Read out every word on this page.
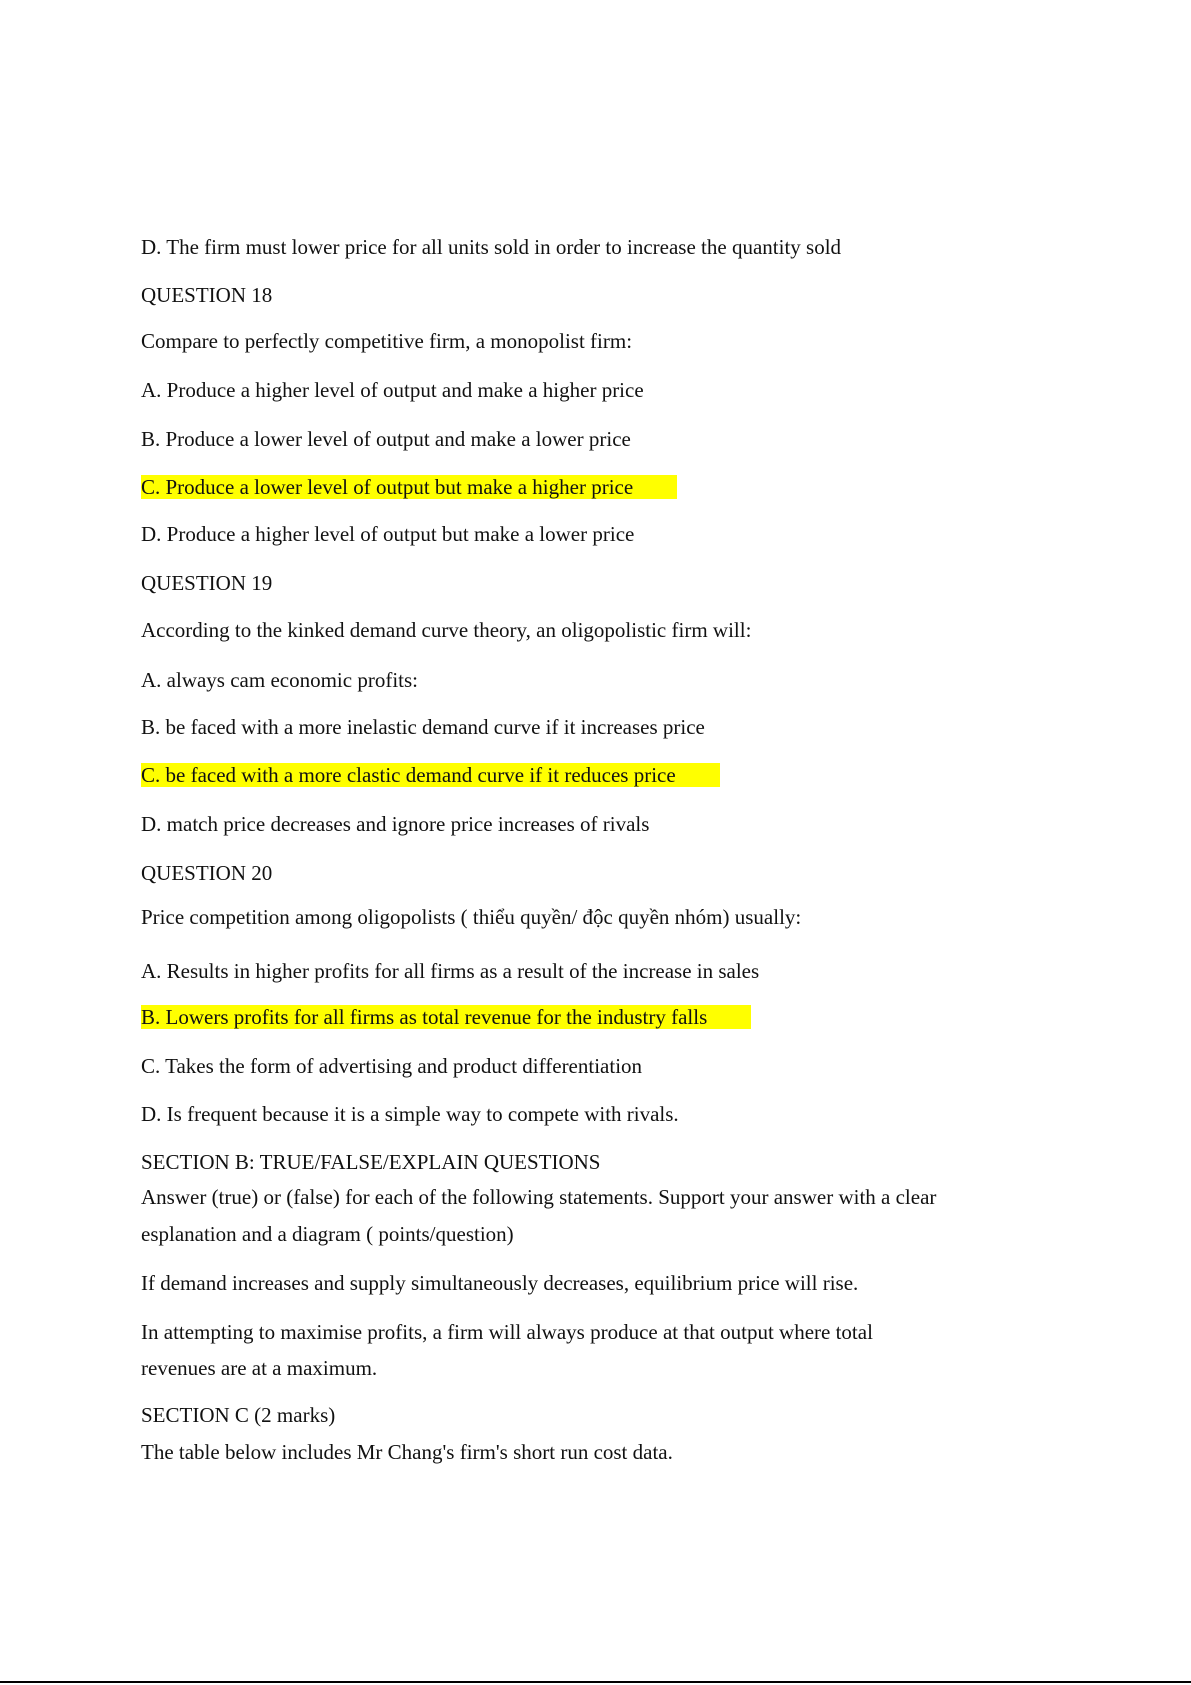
D. The firm must lower price for all units sold in order to increase the quantity sold
QUESTION 18
Compare to perfectly competitive firm, a monopolist firm:
A. Produce a higher level of output and make a higher price
B. Produce a lower level of output and make a lower price
C. Produce a lower level of output but make a higher price
D. Produce a higher level of output but make a lower price
QUESTION 19
According to the kinked demand curve theory, an oligopolistic firm will:
A. always cam economic profits:
B. be faced with a more inelastic demand curve if it increases price
C. be faced with a more clastic demand curve if it reduces price
D. match price decreases and ignore price increases of rivals
QUESTION 20
Price competition among oligopolists ( thiểu quyền/ độc quyền nhóm) usually:
A. Results in higher profits for all firms as a result of the increase in sales
B. Lowers profits for all firms as total revenue for the industry falls
C. Takes the form of advertising and product differentiation
D. Is frequent because it is a simple way to compete with rivals.
SECTION B: TRUE/FALSE/EXPLAIN QUESTIONS
Answer (true) or (false) for each of the following statements. Support your answer with a clear
esplanation and a diagram ( points/question)
If demand increases and supply simultaneously decreases, equilibrium price will rise.
In attempting to maximise profits, a firm will always produce at that output where total
revenues are at a maximum.
SECTION C (2 marks)
The table below includes Mr Chang's firm's short run cost data.
